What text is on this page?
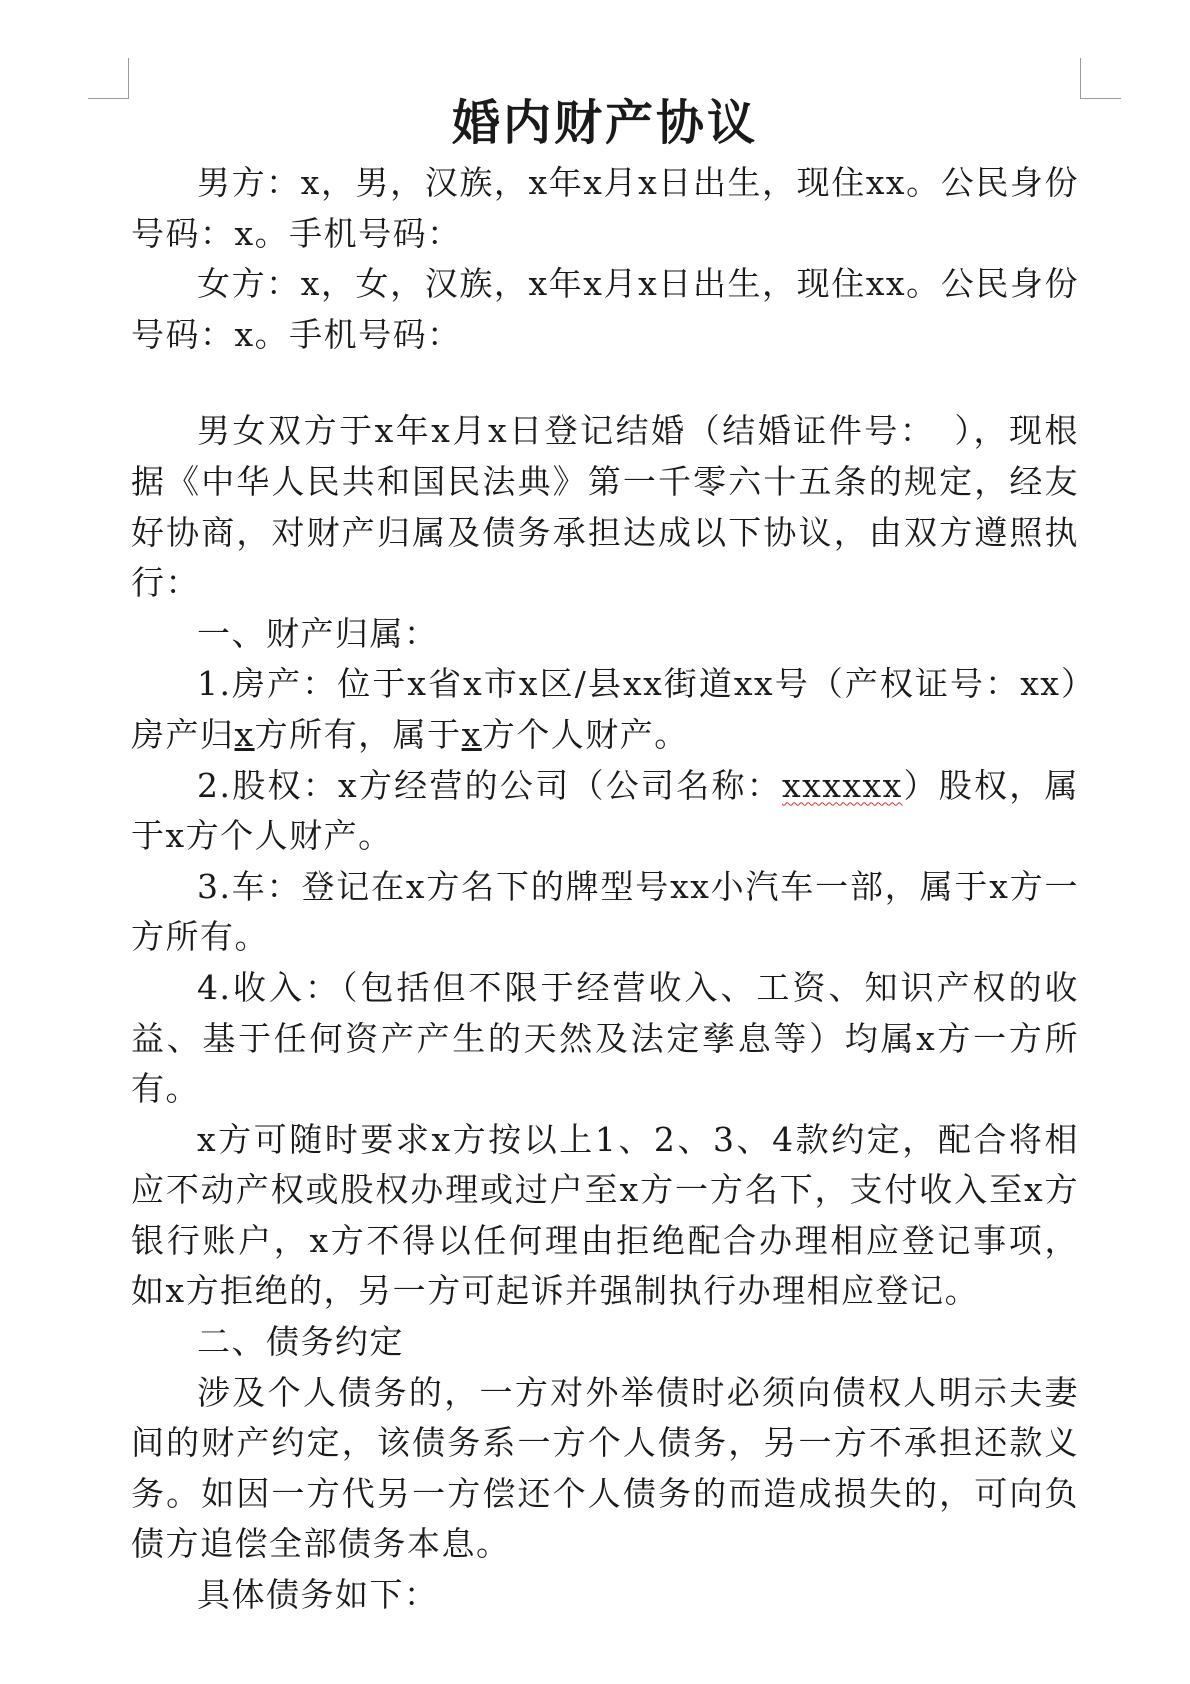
婚内财产协议

男方：x，男，汉族，x年x月x日出生，现住xx。公民身份号码：x。手机号码：

女方：x，女，汉族，x年x月x日出生，现住xx。公民身份号码：x。手机号码：

男女双方于x年x月x日登记结婚（结婚证件号：　），现根据《中华人民共和国民法典》第一千零六十五条的规定，经友好协商，对财产归属及债务承担达成以下协议，由双方遵照执行：

一、财产归属：

1.房产：位于x省x市x区/县xx街道xx号（产权证号：xx）房产归x方所有，属于x方个人财产。

2.股权：x方经营的公司（公司名称：xxxxxx）股权，属于x方个人财产。

3.车：登记在x方名下的牌型号xx小汽车一部，属于x方一方所有。

4.收入：（包括但不限于经营收入、工资、知识产权的收益、基于任何资产产生的天然及法定孳息等）均属x方一方所有。

x方可随时要求x方按以上1、2、3、4款约定，配合将相应不动产权或股权办理或过户至x方一方名下，支付收入至x方银行账户，x方不得以任何理由拒绝配合办理相应登记事项，如x方拒绝的，另一方可起诉并强制执行办理相应登记。

二、债务约定

涉及个人债务的，一方对外举债时必须向债权人明示夫妻间的财产约定，该债务系一方个人债务，另一方不承担还款义务。如因一方代另一方偿还个人债务的而造成损失的，可向负债方追偿全部债务本息。

具体债务如下：
